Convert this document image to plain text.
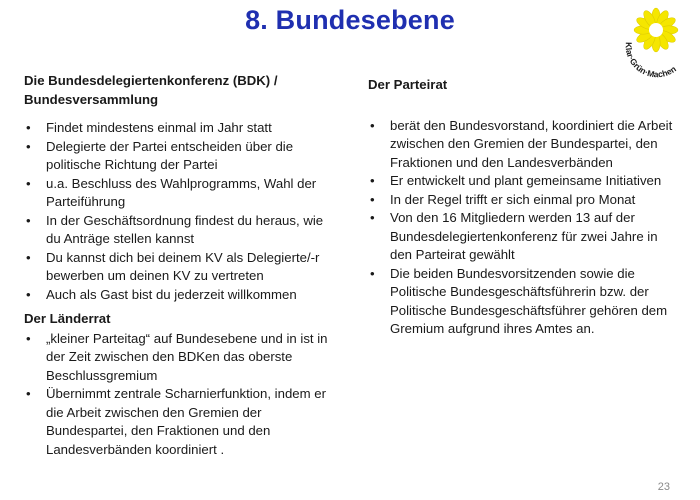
8. Bundesebene
Klar·Grün·Machen
Die Bundesdelegiertenkonferenz (BDK) / Bundesversammlung
• Findet mindestens einmal im Jahr statt
• Delegierte der Partei entscheiden über die politische Richtung der Partei
• u.a. Beschluss des Wahlprogramms, Wahl der Parteiführung
• In der Geschäftsordnung findest du heraus, wie du Anträge stellen kannst
• Du kannst dich bei deinem KV als Delegierte/-r bewerben um deinen KV zu vertreten
• Auch als Gast bist du jederzeit willkommen
Der Länderrat
• „kleiner Parteitag“ auf Bundesebene und in ist in der Zeit zwischen den BDKen das oberste Beschlussgremium
• Übernimmt zentrale Scharnierfunktion, indem er die Arbeit zwischen den Gremien der Bundespartei, den Fraktionen und den Landesverbänden koordiniert .
Der Parteirat
• berät den Bundesvorstand, koordiniert die Arbeit zwischen den Gremien der Bundespartei, den Fraktionen und den Landesverbänden
• Er entwickelt und plant gemeinsame Initiativen
• In der Regel trifft er sich einmal pro Monat
• Von den 16 Mitgliedern werden 13 auf der Bundesdelegiertenkonferenz für zwei Jahre in den Parteirat gewählt
• Die beiden Bundesvorsitzenden sowie die Politische Bundesgeschäftsführerin bzw. der Politische Bundesgeschäftsführer gehören dem Gremium aufgrund ihres Amtes an.
23
